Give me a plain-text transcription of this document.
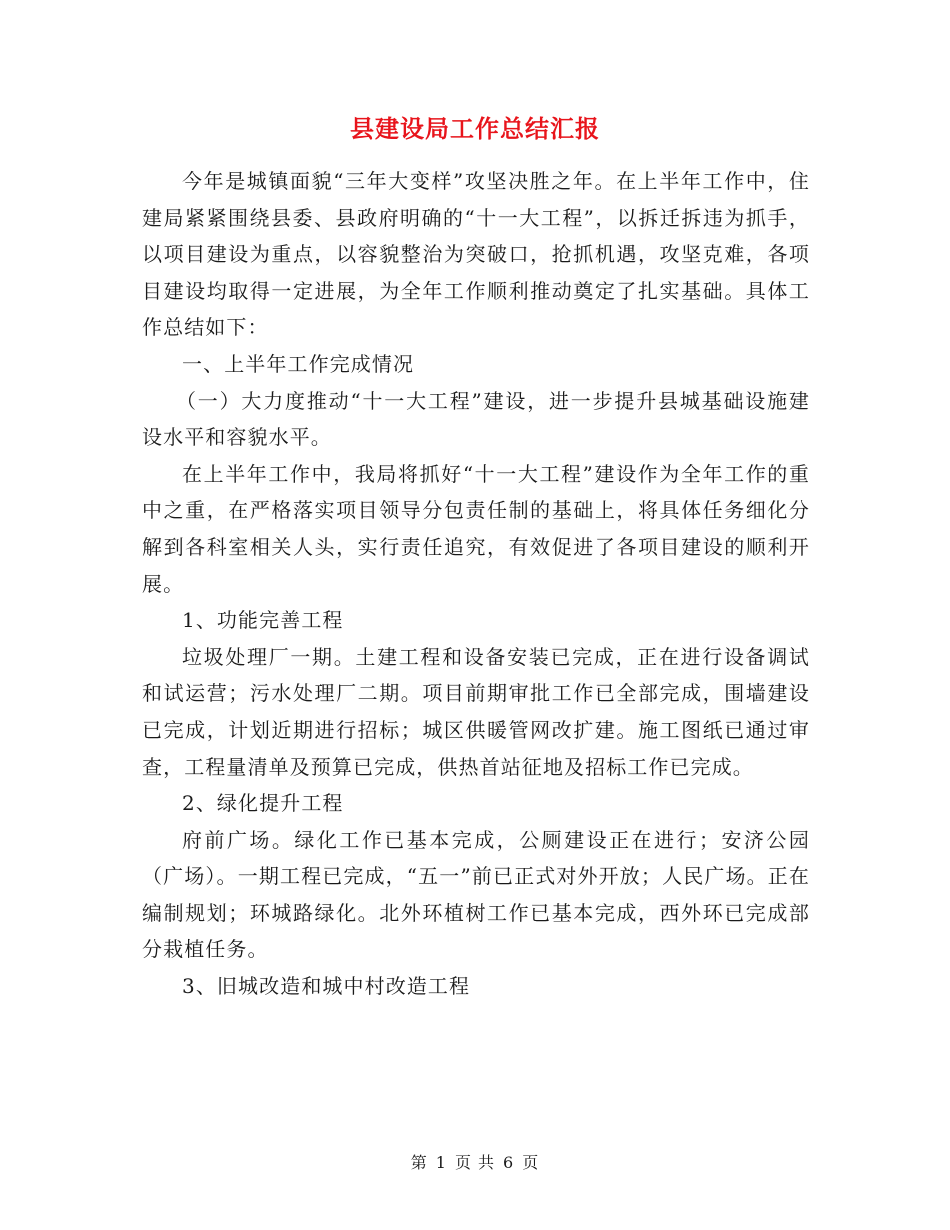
县建设局工作总结汇报

今年是城镇面貌“三年大变样”攻坚决胜之年。在上半年工作中，住建局紧紧围绕县委、县政府明确的“十一大工程”，以拆迁拆违为抓手，以项目建设为重点，以容貌整治为突破口，抢抓机遇，攻坚克难，各项目建设均取得一定进展，为全年工作顺利推动奠定了扎实基础。具体工作总结如下：

一、上半年工作完成情况

（一）大力度推动“十一大工程”建设，进一步提升县城基础设施建设水平和容貌水平。

在上半年工作中，我局将抓好“十一大工程”建设作为全年工作的重中之重，在严格落实项目领导分包责任制的基础上，将具体任务细化分解到各科室相关人头，实行责任追究，有效促进了各项目建设的顺利开展。

1、功能完善工程

垃圾处理厂一期。土建工程和设备安装已完成，正在进行设备调试和试运营；污水处理厂二期。项目前期审批工作已全部完成，围墙建设已完成，计划近期进行招标；城区供暖管网改扩建。施工图纸已通过审查，工程量清单及预算已完成，供热首站征地及招标工作已完成。

2、绿化提升工程

府前广场。绿化工作已基本完成，公厕建设正在进行；安济公园（广场）。一期工程已完成，“五一”前已正式对外开放；人民广场。正在编制规划；环城路绿化。北外环植树工作已基本完成，西外环已完成部分栽植任务。

3、旧城改造和城中村改造工程

第 1 页 共 6 页
